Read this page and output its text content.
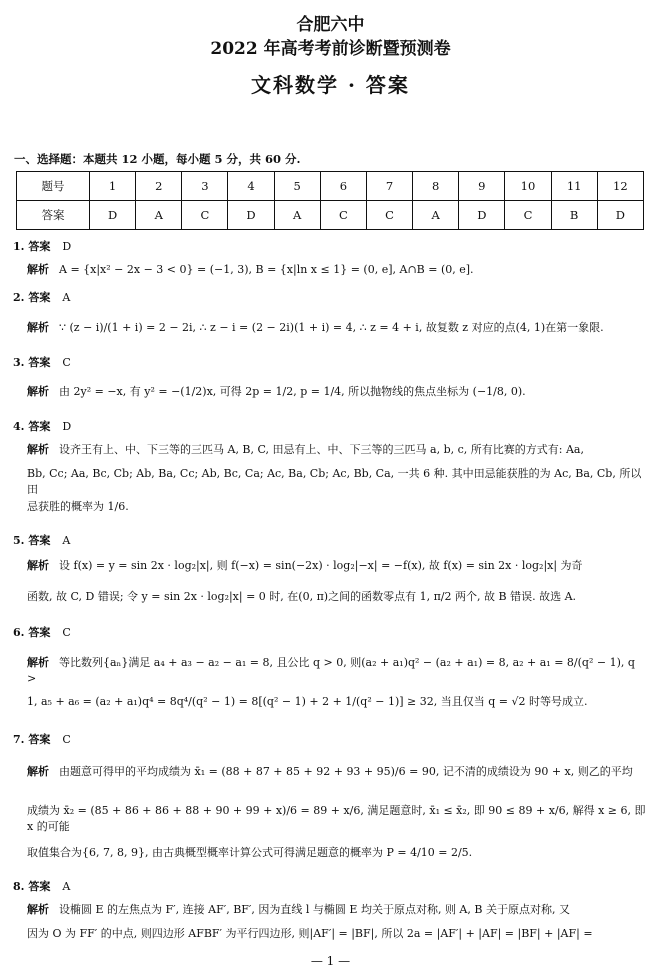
合肥六中
2022 年高考考前诊断暨预测卷
文科数学 · 答案
一、选择题：本题共 12 小题，每小题 5 分，共 60 分.
题号	1	2	3	4	5	6	7	8	9	10	11	12
答案	D	A	C	D	A	C	C	A	D	C	B	D
1. 答案 D
解析 A = {x|x² − 2x − 3 < 0} = (−1, 3), B = {x|ln x ≤ 1} = (0, e], A∩B = (0, e].
2. 答案 A
解析 ∵ (z − i)/(1 + i) = 2 − 2i, ∴ z − i = (2 − 2i)(1 + i) = 4, ∴ z = 4 + i, 故复数 z 对应的点(4, 1)在第一象限.
3. 答案 C
解析 由 2y² = −x, 有 y² = −(1/2)x, 可得 2p = 1/2, p = 1/4, 所以抛物线的焦点坐标为 (−1/8, 0).
4. 答案 D
解析 设齐王有上、中、下三等的三匹马 A, B, C, 田忌有上、中、下三等的三匹马 a, b, c, 所有比赛的方式有: Aa,
Bb, Cc; Aa, Bc, Cb; Ab, Ba, Cc; Ab, Bc, Ca; Ac, Ba, Cb; Ac, Bb, Ca, 一共 6 种. 其中田忌能获胜的为 Ac, Ba, Cb, 所以田
忌获胜的概率为 1/6.
5. 答案 A
解析 设 f(x) = y = sin 2x · log₂|x|, 则 f(−x) = sin(−2x) · log₂|−x| = −f(x), 故 f(x) = sin 2x · log₂|x| 为奇
函数, 故 C, D 错误; 令 y = sin 2x · log₂|x| = 0 时, 在(0, π)之间的函数零点有 1, π/2 两个, 故 B 错误. 故选 A.
6. 答案 C
解析 等比数列{aₙ}满足 a₄ + a₃ − a₂ − a₁ = 8, 且公比 q > 0, 则(a₂ + a₁)q² − (a₂ + a₁) = 8, a₂ + a₁ = 8/(q² − 1), q >
1, a₅ + a₆ = (a₂ + a₁)q⁴ = 8q⁴/(q² − 1) = 8[(q² − 1) + 2 + 1/(q² − 1)] ≥ 32, 当且仅当 q = √2 时等号成立.
7. 答案 C
解析 由题意可得甲的平均成绩为 x̄₁ = (88 + 87 + 85 + 92 + 93 + 95)/6 = 90, 记不清的成绩设为 90 + x, 则乙的平均
成绩为 x̄₂ = (85 + 86 + 86 + 88 + 90 + 99 + x)/6 = 89 + x/6, 满足题意时, x̄₁ ≤ x̄₂, 即 90 ≤ 89 + x/6, 解得 x ≥ 6, 即 x 的可能
取值集合为{6, 7, 8, 9}, 由古典概型概率计算公式可得满足题意的概率为 P = 4/10 = 2/5.
8. 答案 A
解析 设椭圆 E 的左焦点为 F′, 连接 AF′, BF′, 因为直线 l 与椭圆 E 均关于原点对称, 则 A, B 关于原点对称, 又
因为 O 为 FF′ 的中点, 则四边形 AFBF′ 为平行四边形, 则|AF′| = |BF|, 所以 2a = |AF′| + |AF| = |BF| + |AF| =
— 1 —
